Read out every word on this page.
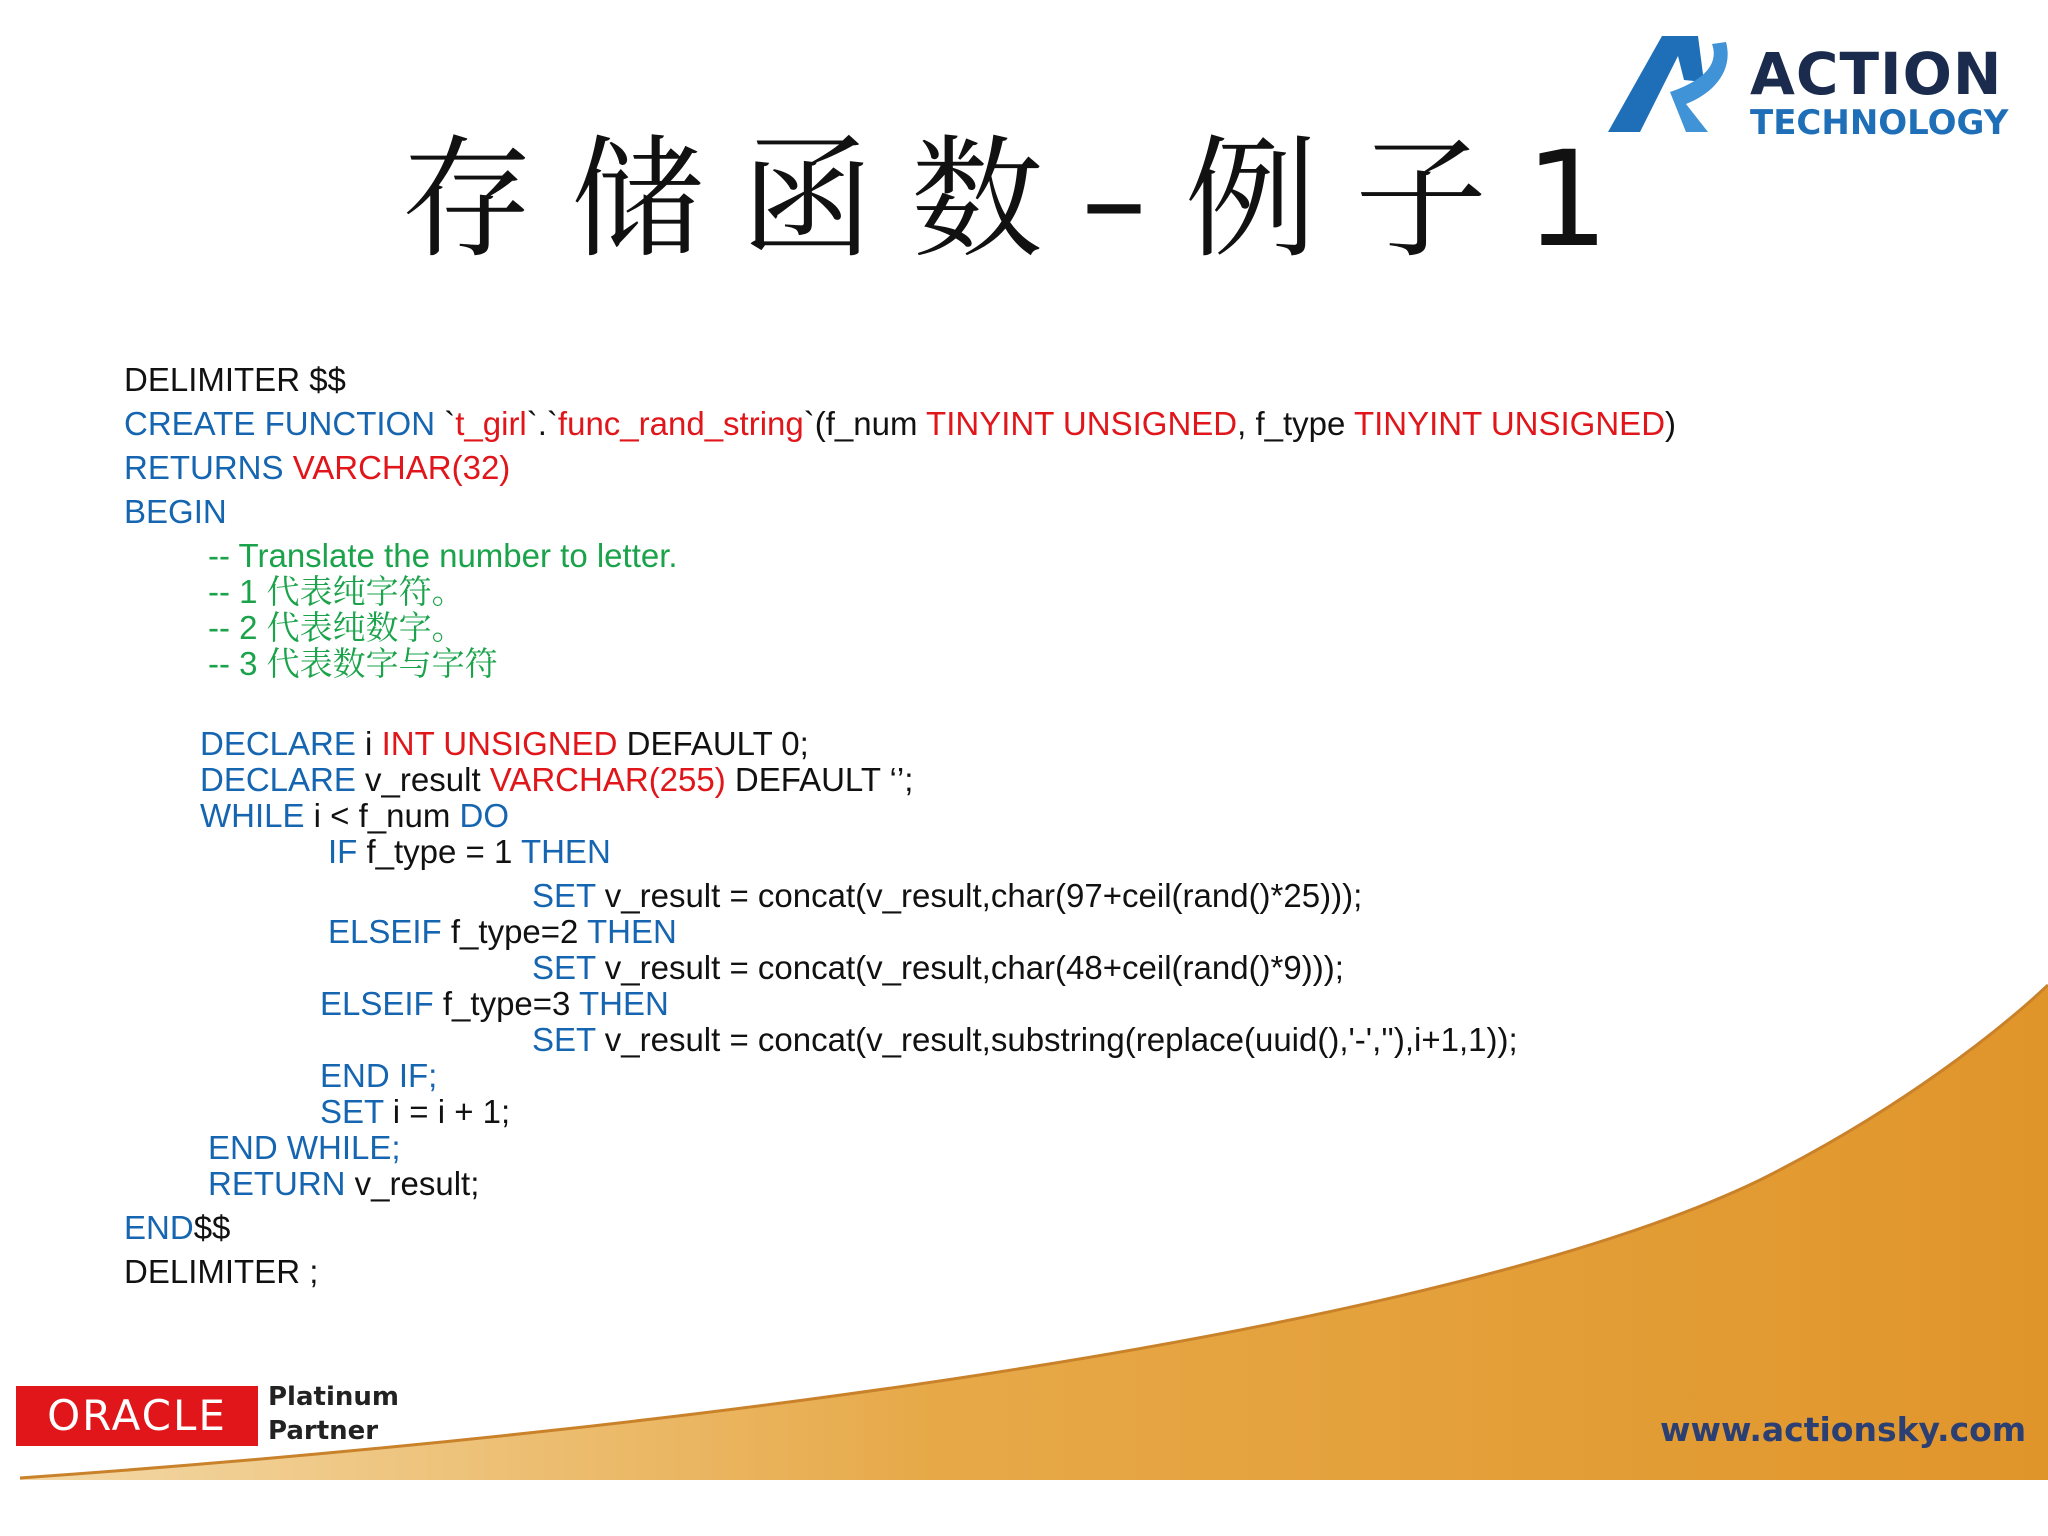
ACTION
TECHNOLOGY
存储函数–例子1
DELIMITER $$
CREATE FUNCTION `t_girl`.`func_rand_string`(f_num TINYINT UNSIGNED, f_type TINYINT UNSIGNED)
RETURNS VARCHAR(32)
BEGIN
-- Translate the number to letter.
-- 1 代表纯字符。
-- 2 代表纯数字。
-- 3 代表数字与字符
DECLARE i INT UNSIGNED DEFAULT 0;
DECLARE v_result VARCHAR(255) DEFAULT ‘’;
WHILE i < f_num DO
IF f_type = 1 THEN
SET v_result = concat(v_result,char(97+ceil(rand()*25)));
ELSEIF f_type=2 THEN
SET v_result = concat(v_result,char(48+ceil(rand()*9)));
ELSEIF f_type=3 THEN
SET v_result = concat(v_result,substring(replace(uuid(),'-',''),i+1,1));
END IF;
SET i = i + 1;
END WHILE;
RETURN v_result;
END$$
DELIMITER ;
ORACLE	Platinum
Partner	www.actionsky.com
